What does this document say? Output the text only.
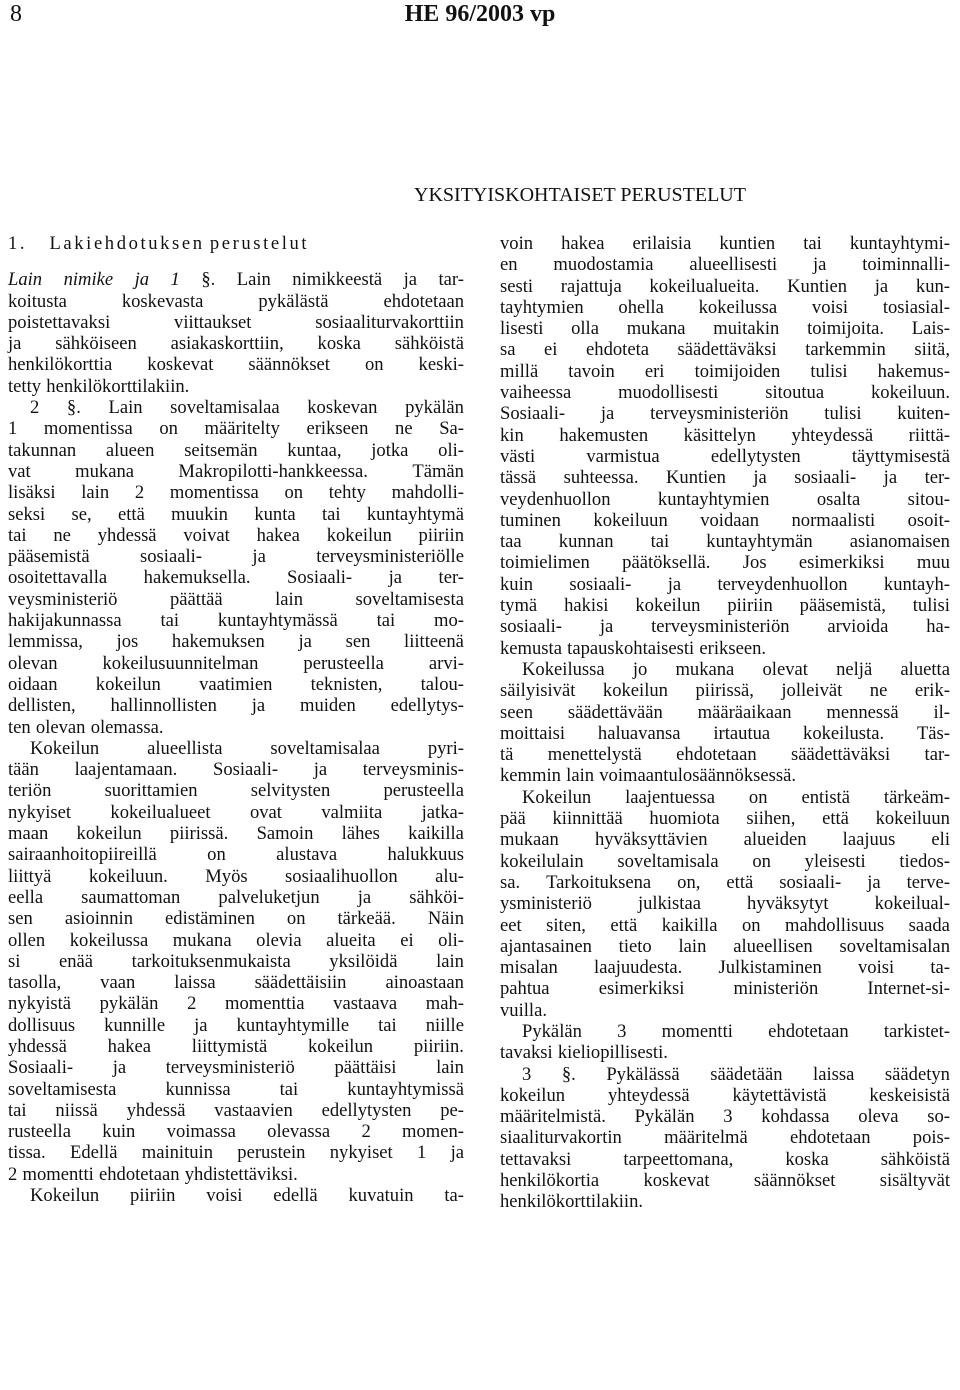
8	HE 96/2003 vp
YKSITYISKOHTAISET PERUSTELUT
1. Lakiehdotuksen perustelut
Lain nimike ja 1 §. Lain nimikkeestä ja tar-
koitusta	koskevasta	pykälästä	ehdotetaan
poistettavaksi	viittaukset	sosiaaliturvakorttiin
ja sähköiseen asiakaskorttiin, koska sähköistä
henkilökorttia koskevat säännökset on keski-
tetty henkilökorttilakiin.
2 §. Lain soveltamisalaa koskevan pykälän
1 momentissa on määritelty erikseen ne Sa-
takunnan alueen seitsemän kuntaa, jotka oli-
vat mukana Makropilotti-hankkeessa. Tämän
lisäksi lain 2 momentissa on tehty mahdolli-
seksi se, että muukin kunta tai kuntayhtymä
tai ne yhdessä voivat hakea kokeilun piiriin
pääsemistä	sosiaali-	ja	terveysministeriölle
osoitettavalla hakemuksella. Sosiaali- ja ter-
veysministeriö	päättää	lain	soveltamisesta
hakijakunnassa tai kuntayhtymässä tai mo-
lemmissa, jos hakemuksen ja sen liitteenä
olevan kokeilusuunnitelman perusteella arvi-
oidaan kokeilun vaatimien teknisten, talou-
dellisten, hallinnollisten ja muiden edellytys-
ten olevan olemassa.
Kokeilun	alueellista	soveltamisalaa	pyri-
tään laajentamaan. Sosiaali- ja terveysminis-
teriön	suorittamien	selvitysten	perusteella
nykyiset kokeilualueet ovat valmiita jatka-
maan kokeilun piirissä. Samoin lähes kaikilla
sairaanhoitopiireillä	on	alustava	halukkuus
liittyä kokeiluun. Myös sosiaalihuollon alu-
eella saumattoman palveluketjun ja sähköi-
sen asioinnin edistäminen on tärkeää. Näin
ollen kokeilussa mukana olevia alueita ei oli-
si enää tarkoituksenmukaista yksilöidä lain
tasolla, vaan laissa säädettäisiin ainoastaan
nykyistä pykälän 2 momenttia vastaava mah-
dollisuus kunnille ja kuntayhtymille tai niille
yhdessä hakea liittymistä kokeilun piiriin.
Sosiaali- ja terveysministeriö päättäisi lain
soveltamisesta	kunnissa	tai	kuntayhtymissä
tai niissä yhdessä vastaavien edellytysten pe-
rusteella kuin voimassa olevassa 2 momen-
tissa. Edellä mainituin perustein nykyiset 1 ja
2 momentti ehdotetaan yhdistettäviksi.
Kokeilun piiriin voisi edellä kuvatuin ta-
voin hakea erilaisia kuntien tai kuntayhtymi-
en muodostamia alueellisesti ja toiminnalli-
sesti rajattuja kokeilualueita. Kuntien ja kun-
tayhtymien ohella kokeilussa voisi tosiasial-
lisesti olla mukana muitakin toimijoita. Lais-
sa ei ehdoteta säädettäväksi tarkemmin siitä,
millä tavoin eri toimijoiden tulisi hakemus-
vaiheessa	muodollisesti	sitoutua	kokeiluun.
Sosiaali- ja terveysministeriön tulisi kuiten-
kin hakemusten käsittelyn yhteydessä riittä-
västi	varmistua	edellytysten	täyttymisestä
tässä suhteessa. Kuntien ja sosiaali- ja ter-
veydenhuollon	kuntayhtymien	osalta	sitou-
tuminen kokeiluun voidaan normaalisti osoit-
taa kunnan tai kuntayhtymän asianomaisen
toimielimen päätöksellä. Jos esimerkiksi muu
kuin sosiaali- ja terveydenhuollon kuntayh-
tymä hakisi kokeilun piiriin pääsemistä, tulisi
sosiaali- ja terveysministeriön arvioida ha-
kemusta tapauskohtaisesti erikseen.
Kokeilussa jo mukana olevat neljä aluetta
säilyisivät kokeilun piirissä, jolleivät ne erik-
seen säädettävään määräaikaan mennessä il-
moittaisi haluavansa irtautua kokeilusta. Täs-
tä menettelystä ehdotetaan säädettäväksi tar-
kemmin lain voimaantulosäännöksessä.
Kokeilun laajentuessa on entistä tärkeäm-
pää kiinnittää huomiota siihen, että kokeiluun
mukaan hyväksyttävien alueiden laajuus eli
kokeilulain soveltamisala on yleisesti tiedos-
sa. Tarkoituksena on, että sosiaali- ja terve-
ysministeriö julkistaa hyväksytyt kokeilual-
eet siten, että kaikilla on mahdollisuus saada
ajantasainen tieto lain alueellisen soveltamisalan
misalan laajuudesta. Julkistaminen voisi ta-
pahtua	esimerkiksi	ministeriön	Internet-si-
vuilla.
Pykälän 3 momentti ehdotetaan tarkistet-
tavaksi kieliopillisesti.
3 §. Pykälässä säädetään laissa säädetyn
kokeilun yhteydessä käytettävistä keskeisistä
määritelmistä. Pykälän 3 kohdassa oleva so-
siaaliturvakortin määritelmä ehdotetaan pois-
tettavaksi	tarpeettomana,	koska	sähköistä
henkilökortia koskevat säännökset sisältyvät
henkilökorttilakiin.
